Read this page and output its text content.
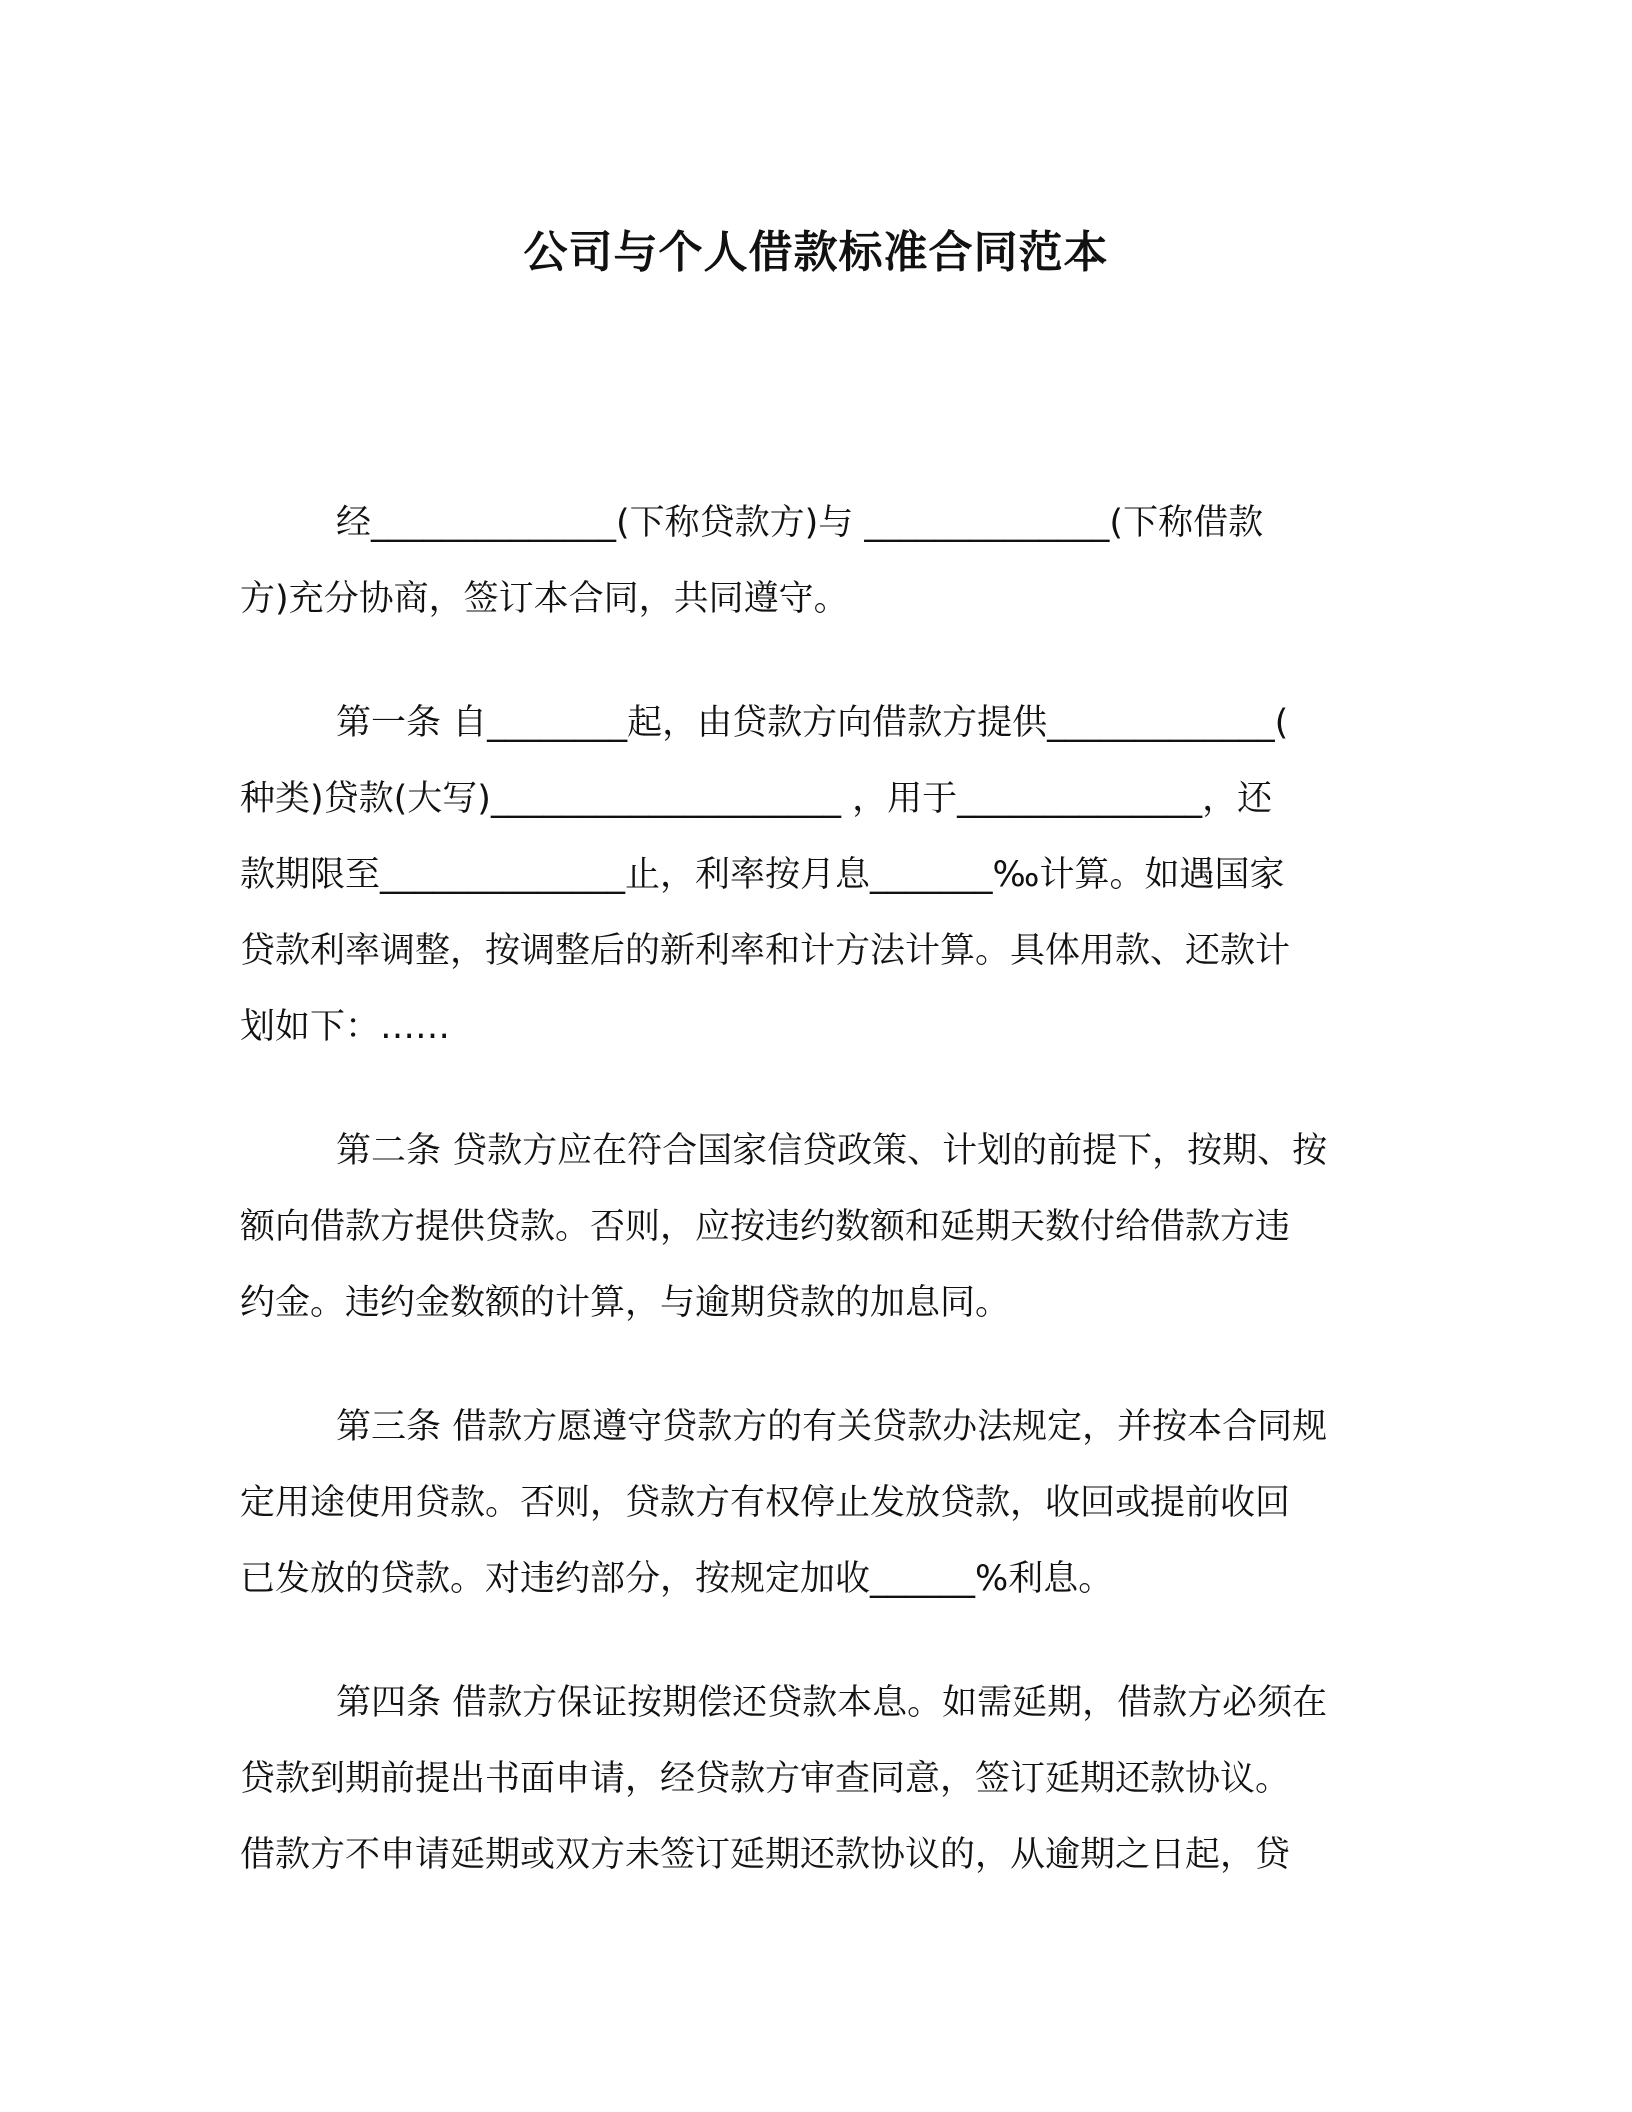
公司与个人借款标准合同范本

经______________(下称贷款方)与 ______________(下称借款
方)充分协商，签订本合同，共同遵守。

第一条 自________起，由贷款方向借款方提供_____________(
种类)贷款(大写)____________________ ，用于______________，还
款期限至______________止，利率按月息_______‰计算。如遇国家
贷款利率调整，按调整后的新利率和计方法计算。具体用款、还款计
划如下：……

第二条 贷款方应在符合国家信贷政策、计划的前提下，按期、按
额向借款方提供贷款。否则，应按违约数额和延期天数付给借款方违
约金。违约金数额的计算，与逾期贷款的加息同。

第三条 借款方愿遵守贷款方的有关贷款办法规定，并按本合同规
定用途使用贷款。否则，贷款方有权停止发放贷款，收回或提前收回
已发放的贷款。对违约部分，按规定加收______%利息。

第四条 借款方保证按期偿还贷款本息。如需延期，借款方必须在
贷款到期前提出书面申请，经贷款方审查同意，签订延期还款协议。
借款方不申请延期或双方未签订延期还款协议的，从逾期之日起，贷
